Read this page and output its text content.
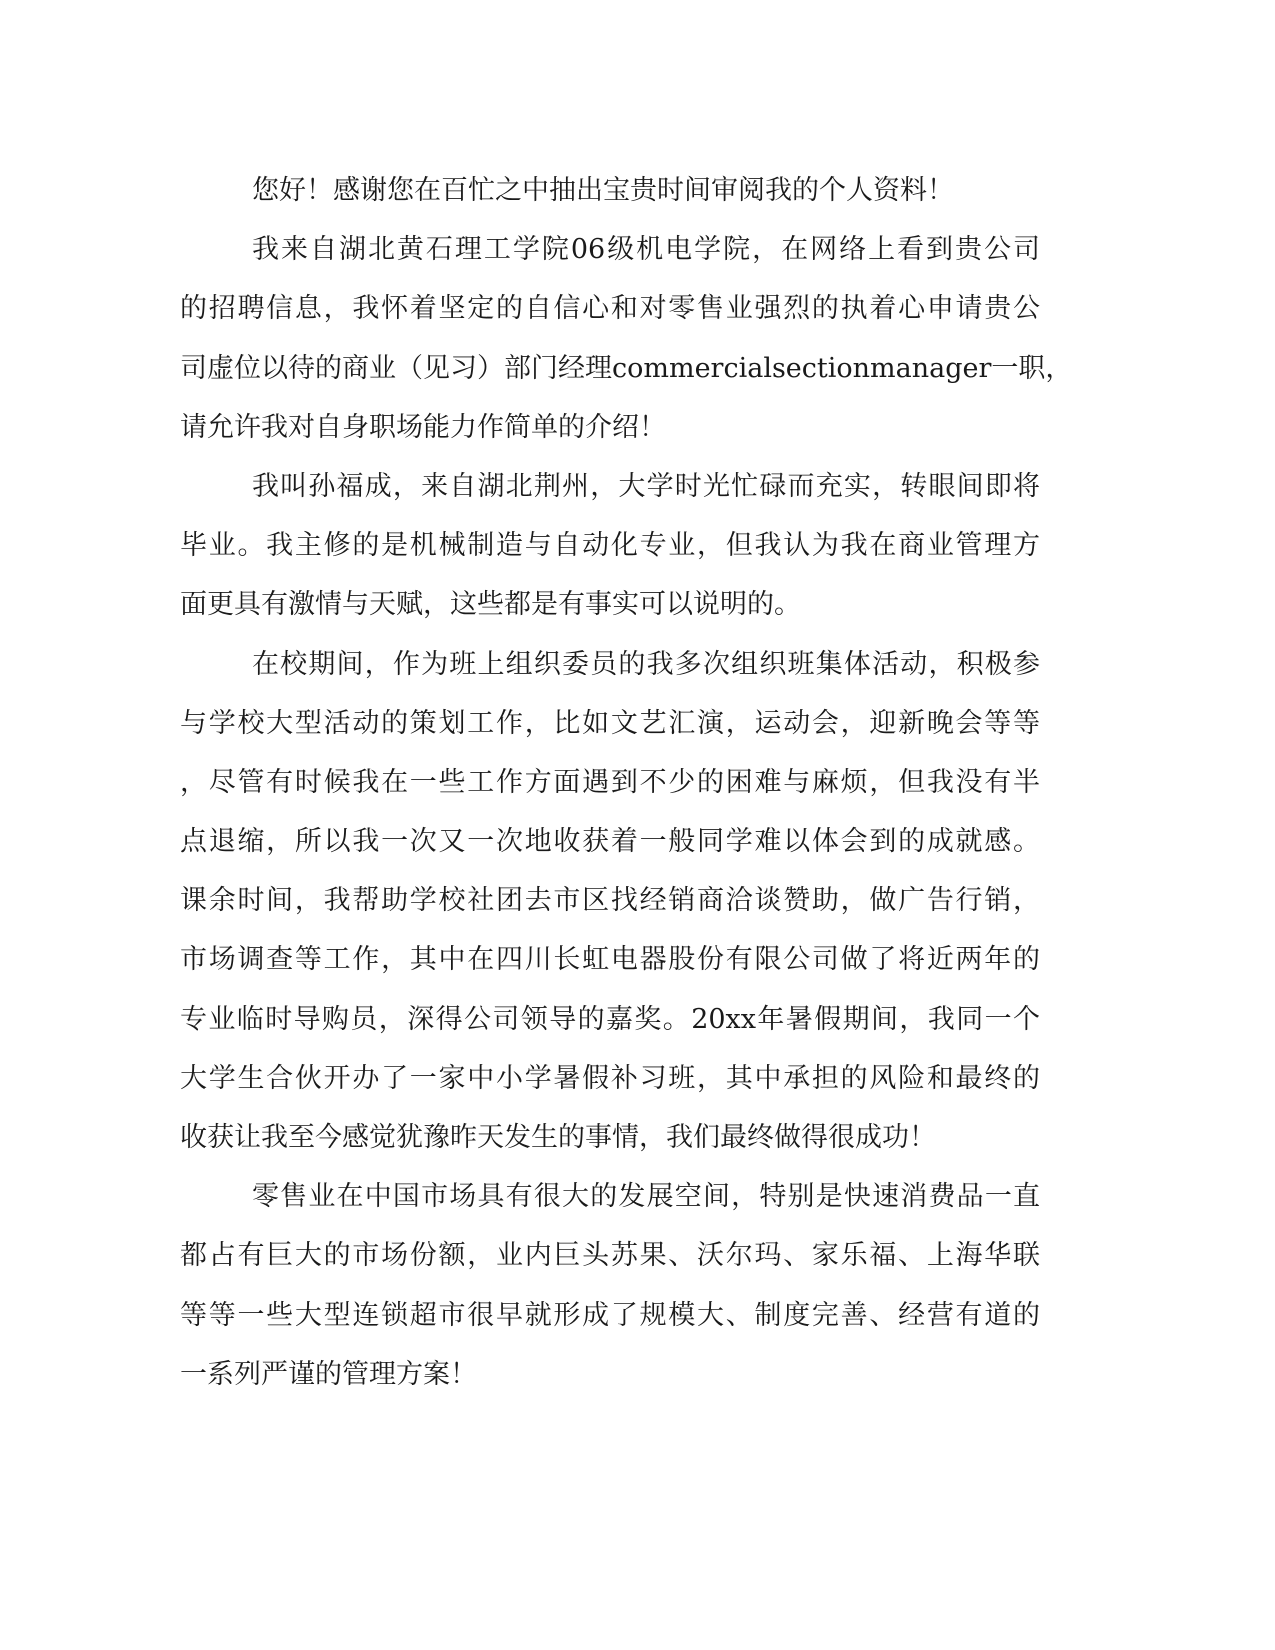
您好！感谢您在百忙之中抽出宝贵时间审阅我的个人资料！
我来自湖北黄石理工学院06级机电学院，在网络上看到贵公司
的招聘信息，我怀着坚定的自信心和对零售业强烈的执着心申请贵公
司虚位以待的商业（见习）部门经理commercialsectionmanager一职，
请允许我对自身职场能力作简单的介绍！
我叫孙福成，来自湖北荆州，大学时光忙碌而充实，转眼间即将
毕业。我主修的是机械制造与自动化专业，但我认为我在商业管理方
面更具有激情与天赋，这些都是有事实可以说明的。
在校期间，作为班上组织委员的我多次组织班集体活动，积极参
与学校大型活动的策划工作，比如文艺汇演，运动会，迎新晚会等等
，尽管有时候我在一些工作方面遇到不少的困难与麻烦，但我没有半
点退缩，所以我一次又一次地收获着一般同学难以体会到的成就感。
课余时间，我帮助学校社团去市区找经销商洽谈赞助，做广告行销，
市场调查等工作，其中在四川长虹电器股份有限公司做了将近两年的
专业临时导购员，深得公司领导的嘉奖。20xx年暑假期间，我同一个
大学生合伙开办了一家中小学暑假补习班，其中承担的风险和最终的
收获让我至今感觉犹豫昨天发生的事情，我们最终做得很成功！
零售业在中国市场具有很大的发展空间，特别是快速消费品一直
都占有巨大的市场份额，业内巨头苏果、沃尔玛、家乐福、上海华联
等等一些大型连锁超市很早就形成了规模大、制度完善、经营有道的
一系列严谨的管理方案！
